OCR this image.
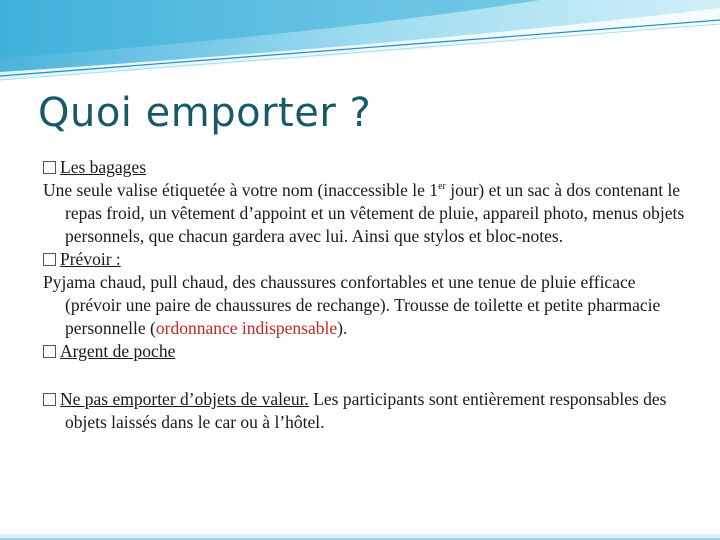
Quoi emporter ?

Les bagages

Une seule valise étiquetée à votre nom (inaccessible le 1er jour) et un sac à dos contenant le repas froid, un vêtement d’appoint et un vêtement de pluie, appareil photo, menus objets personnels, que chacun gardera avec lui. Ainsi que stylos et bloc-notes.

Prévoir :

Pyjama chaud, pull chaud, des chaussures confortables et une tenue de pluie efficace (prévoir une paire de chaussures de rechange). Trousse de toilette et petite pharmacie personnelle (ordonnance indispensable).

Argent de poche

Ne pas emporter d’objets de valeur. Les participants sont entièrement responsables des objets laissés dans le car ou à l’hôtel.
